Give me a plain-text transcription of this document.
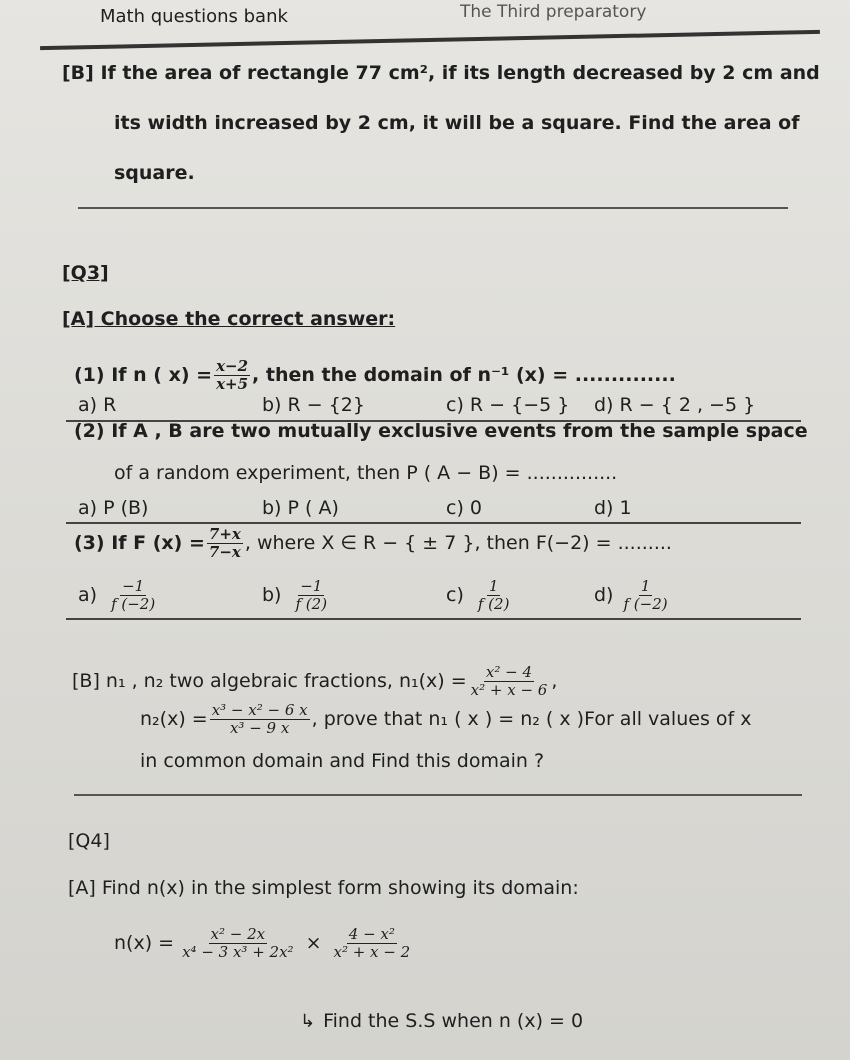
Math questions bank	The Third preparatory
[B] If the area of rectangle 77 cm², if its length decreased by 2 cm and
its width increased by 2 cm, it will be a square. Find the area of
square.
[Q3]
[A] Choose the correct answer:
(1) If n ( $x) = \frac{x-2}{x+5}$ , then the domain of n⁻¹ (x) = ..............
a) R	b) R − {2}	c) R − {−5 } d) R − { 2 , −5 }
(2) If A , B are two mutually exclusive events from the sample space
of a random experiment, then P ( A − B) = ...............
a) P (B)	b) P ( A)	c) 0	d) 1
(3) If F $(x) = \frac{7+x}{7-x}$ , where X ∈ R − { ± 7 }, then F(−2) = .........
$a) \frac{-1}{f (-2)}$	$b) \frac{-1}{f (2)}$	$c) \frac{1}{f (2)}$	$d) \frac{1}{f (-2)}$
[B] n₁ , n₂ two algebraic fractions, $n_1(x) = \frac{\text{x² − 4}}{\text{x² + x − 6}}$ ,
$n_2(x) = \frac{\text{x³ − x² − 6 x}}{\text{x³ − 9 x}}$ , prove that n₁ ( x ) = n₂ ( x )For all values of x
in common domain and Find this domain ?
[Q4]
[A] Find n(x) in the simplest form showing its domain:
$n(x) = \frac{\text{x² − 2x}}{\text{x⁴ − 3 x³ + 2x²}} \times \frac{\text{4 − x²}}{\text{x² + x − 2}}$
↳ Find the S.S when n (x) = 0
